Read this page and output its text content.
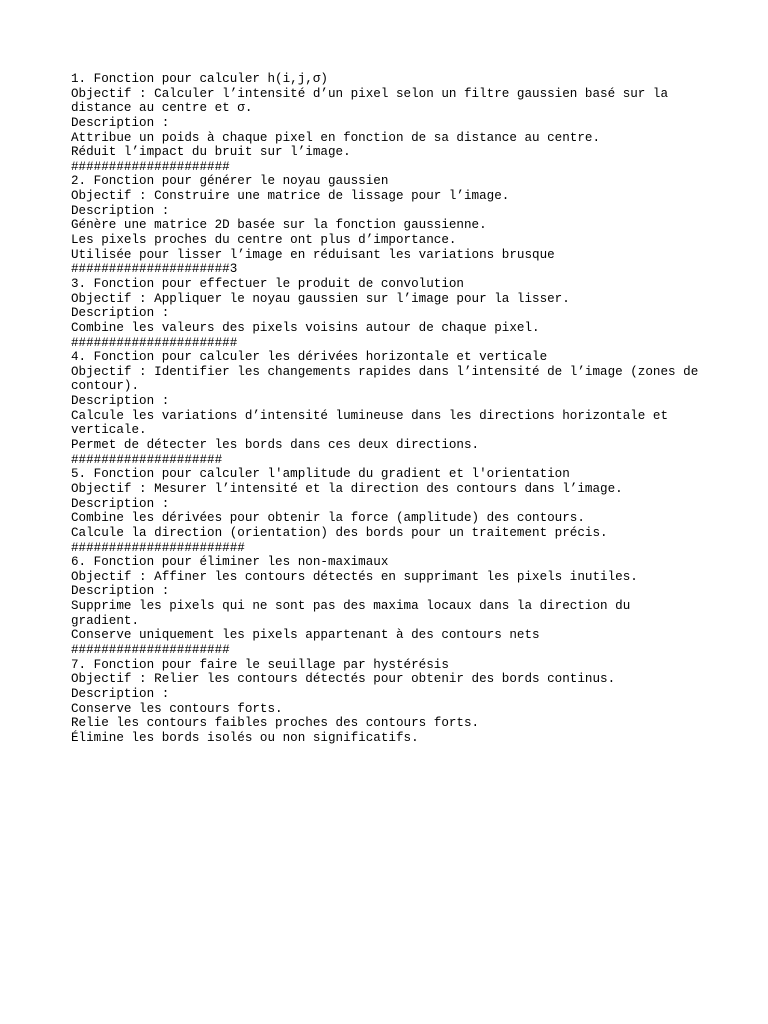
1. Fonction pour calculer h(i,j,σ)
Objectif : Calculer l’intensité d’un pixel selon un filtre gaussien basé sur la
distance au centre et σ.
Description :
Attribue un poids à chaque pixel en fonction de sa distance au centre.
Réduit l’impact du bruit sur l’image.
#####################
2. Fonction pour générer le noyau gaussien
Objectif : Construire une matrice de lissage pour l’image.
Description :
Génère une matrice 2D basée sur la fonction gaussienne.
Les pixels proches du centre ont plus d’importance.
Utilisée pour lisser l’image en réduisant les variations brusque
#####################3
3. Fonction pour effectuer le produit de convolution
Objectif : Appliquer le noyau gaussien sur l’image pour la lisser.
Description :
Combine les valeurs des pixels voisins autour de chaque pixel.
######################
4. Fonction pour calculer les dérivées horizontale et verticale
Objectif : Identifier les changements rapides dans l’intensité de l’image (zones de
contour).
Description :
Calcule les variations d’intensité lumineuse dans les directions horizontale et
verticale.
Permet de détecter les bords dans ces deux directions.
####################
5. Fonction pour calculer l'amplitude du gradient et l'orientation
Objectif : Mesurer l’intensité et la direction des contours dans l’image.
Description :
Combine les dérivées pour obtenir la force (amplitude) des contours.
Calcule la direction (orientation) des bords pour un traitement précis.
#######################
6. Fonction pour éliminer les non-maximaux
Objectif : Affiner les contours détectés en supprimant les pixels inutiles.
Description :
Supprime les pixels qui ne sont pas des maxima locaux dans la direction du
gradient.
Conserve uniquement les pixels appartenant à des contours nets
#####################
7. Fonction pour faire le seuillage par hystérésis
Objectif : Relier les contours détectés pour obtenir des bords continus.
Description :
Conserve les contours forts.
Relie les contours faibles proches des contours forts.
Élimine les bords isolés ou non significatifs.
